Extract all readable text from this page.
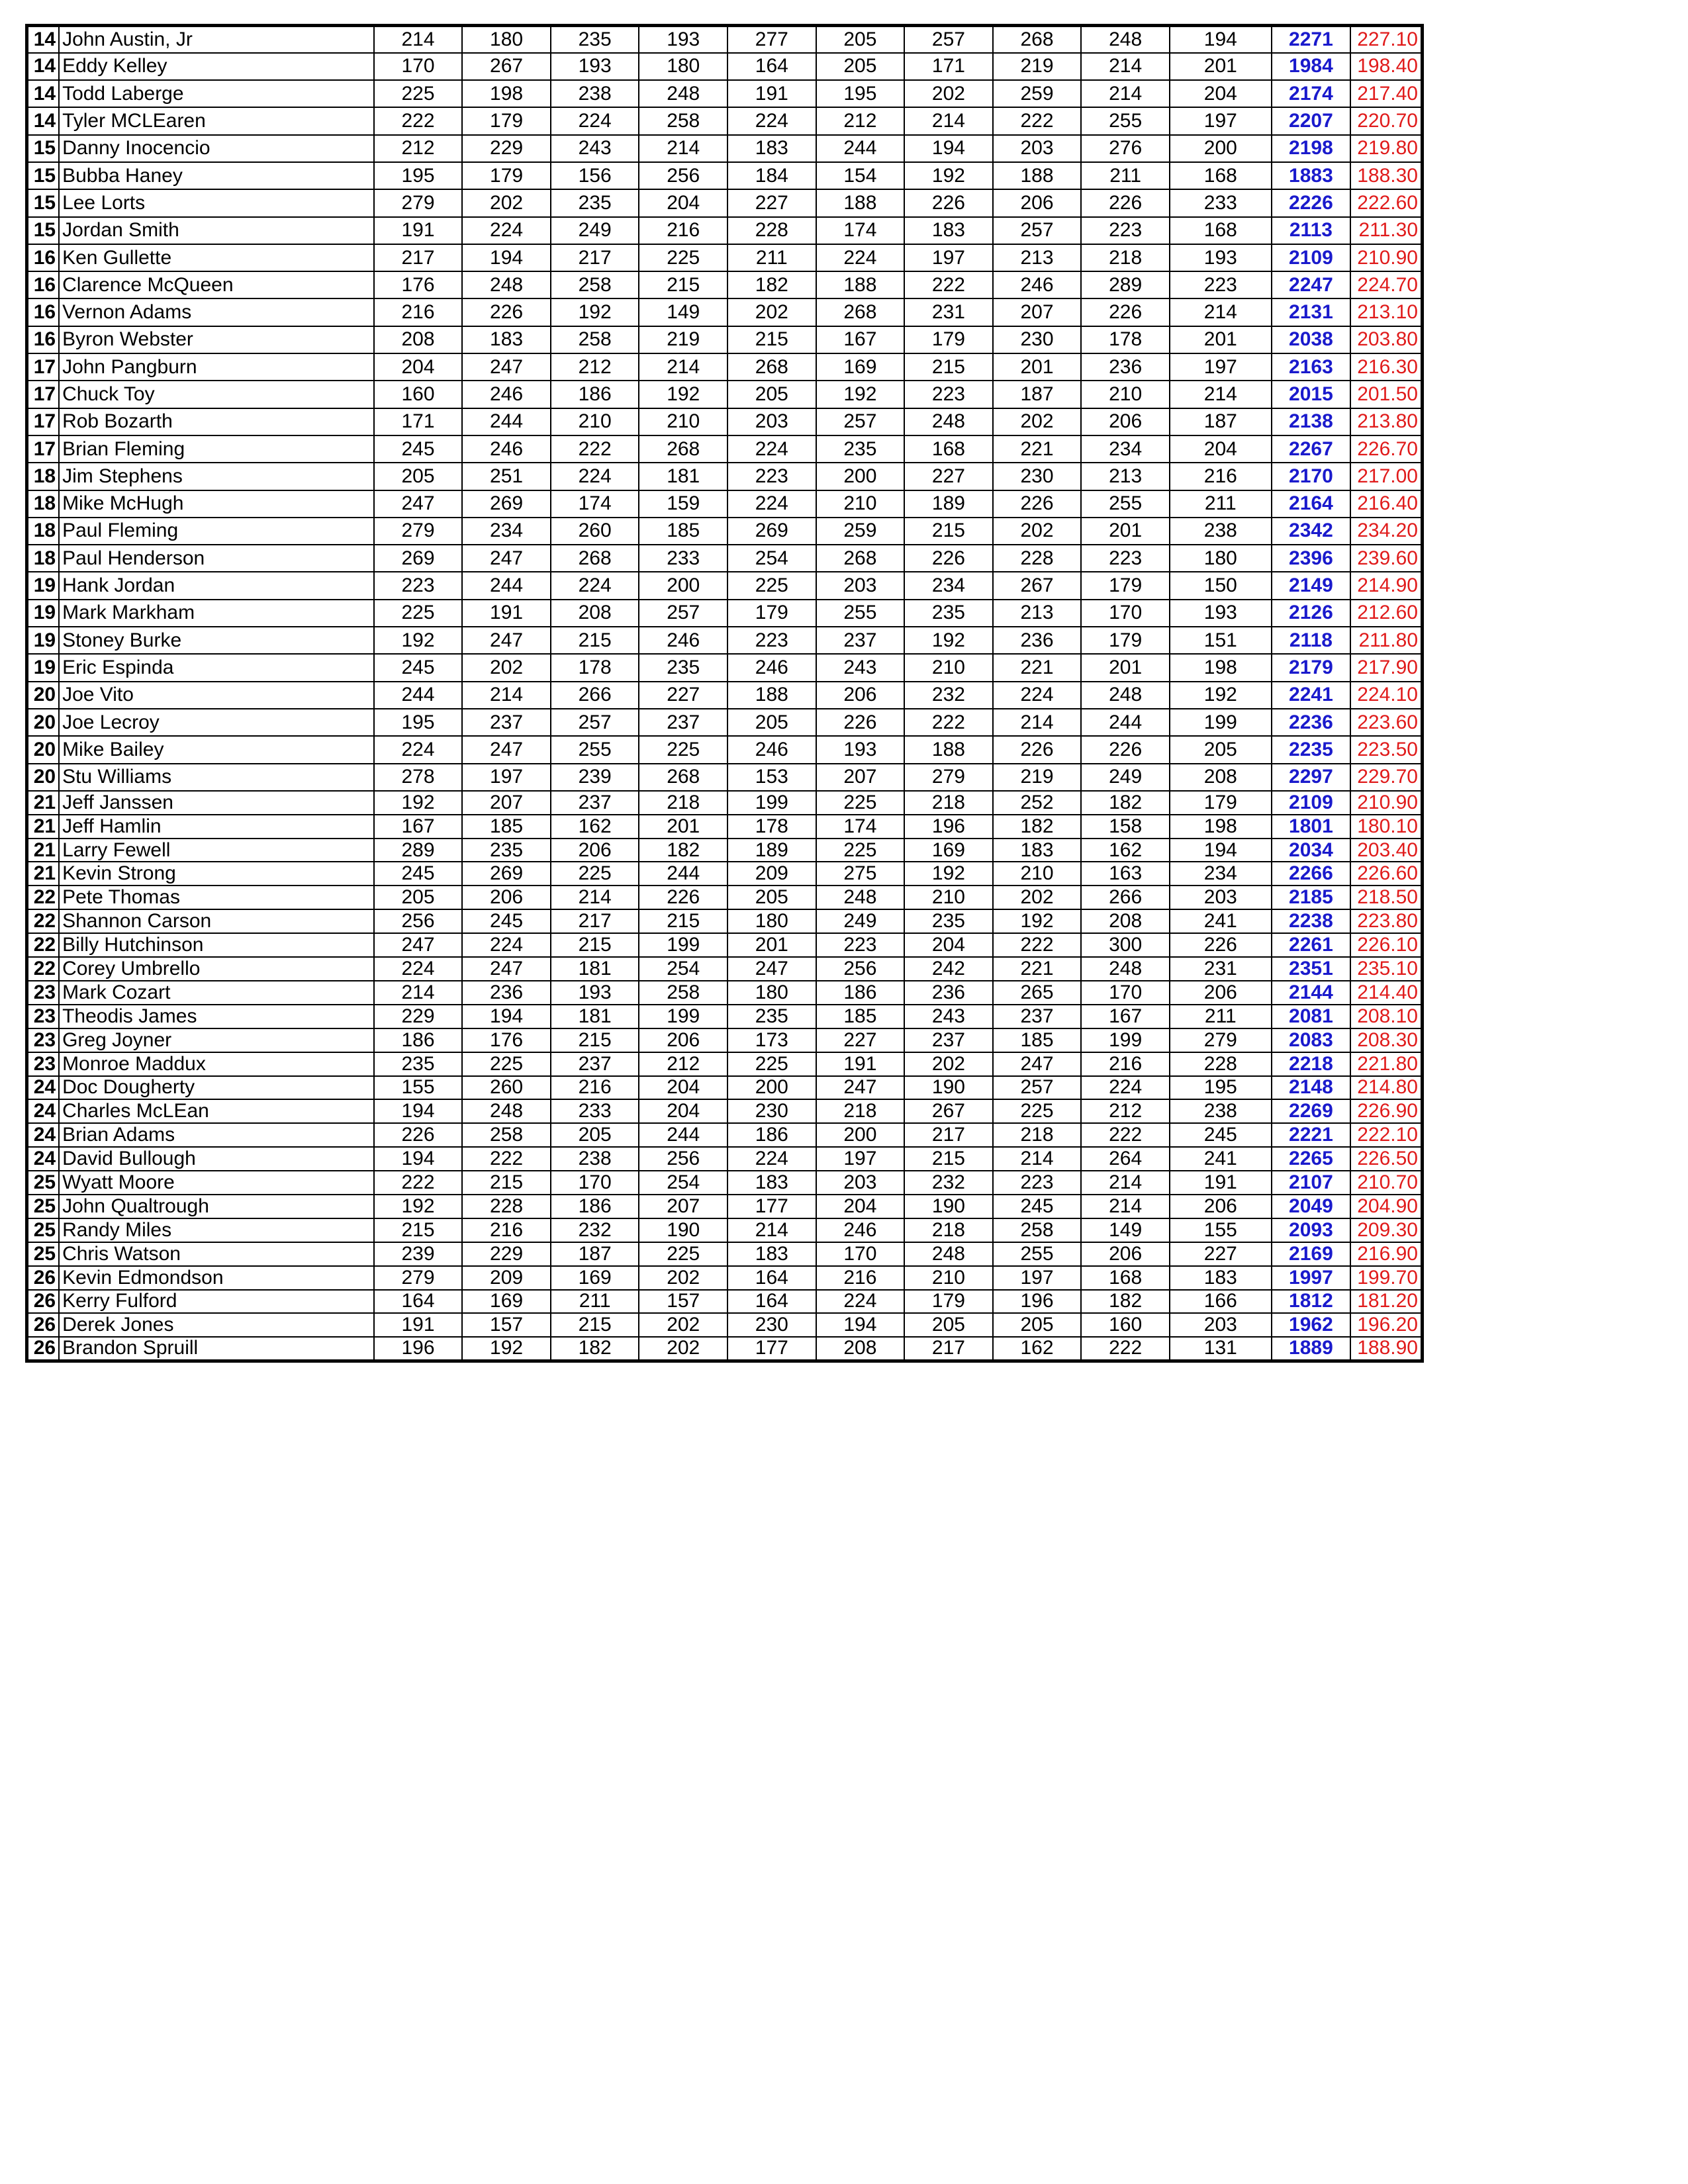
14	John Austin, Jr	214	180	235	193	277	205	257	268	248	194	2271	227.10
14	Eddy Kelley	170	267	193	180	164	205	171	219	214	201	1984	198.40
14	Todd Laberge	225	198	238	248	191	195	202	259	214	204	2174	217.40
14	Tyler MCLEaren	222	179	224	258	224	212	214	222	255	197	2207	220.70
15	Danny Inocencio	212	229	243	214	183	244	194	203	276	200	2198	219.80
15	Bubba Haney	195	179	156	256	184	154	192	188	211	168	1883	188.30
15	Lee Lorts	279	202	235	204	227	188	226	206	226	233	2226	222.60
15	Jordan Smith	191	224	249	216	228	174	183	257	223	168	2113	211.30
16	Ken Gullette	217	194	217	225	211	224	197	213	218	193	2109	210.90
16	Clarence McQueen	176	248	258	215	182	188	222	246	289	223	2247	224.70
16	Vernon Adams	216	226	192	149	202	268	231	207	226	214	2131	213.10
16	Byron Webster	208	183	258	219	215	167	179	230	178	201	2038	203.80
17	John Pangburn	204	247	212	214	268	169	215	201	236	197	2163	216.30
17	Chuck Toy	160	246	186	192	205	192	223	187	210	214	2015	201.50
17	Rob Bozarth	171	244	210	210	203	257	248	202	206	187	2138	213.80
17	Brian Fleming	245	246	222	268	224	235	168	221	234	204	2267	226.70
18	Jim Stephens	205	251	224	181	223	200	227	230	213	216	2170	217.00
18	Mike McHugh	247	269	174	159	224	210	189	226	255	211	2164	216.40
18	Paul Fleming	279	234	260	185	269	259	215	202	201	238	2342	234.20
18	Paul Henderson	269	247	268	233	254	268	226	228	223	180	2396	239.60
19	Hank Jordan	223	244	224	200	225	203	234	267	179	150	2149	214.90
19	Mark Markham	225	191	208	257	179	255	235	213	170	193	2126	212.60
19	Stoney Burke	192	247	215	246	223	237	192	236	179	151	2118	211.80
19	Eric Espinda	245	202	178	235	246	243	210	221	201	198	2179	217.90
20	Joe Vito	244	214	266	227	188	206	232	224	248	192	2241	224.10
20	Joe Lecroy	195	237	257	237	205	226	222	214	244	199	2236	223.60
20	Mike Bailey	224	247	255	225	246	193	188	226	226	205	2235	223.50
20	Stu Williams	278	197	239	268	153	207	279	219	249	208	2297	229.70
21	Jeff Janssen	192	207	237	218	199	225	218	252	182	179	2109	210.90
21	Jeff Hamlin	167	185	162	201	178	174	196	182	158	198	1801	180.10
21	Larry Fewell	289	235	206	182	189	225	169	183	162	194	2034	203.40
21	Kevin Strong	245	269	225	244	209	275	192	210	163	234	2266	226.60
22	Pete Thomas	205	206	214	226	205	248	210	202	266	203	2185	218.50
22	Shannon Carson	256	245	217	215	180	249	235	192	208	241	2238	223.80
22	Billy Hutchinson	247	224	215	199	201	223	204	222	300	226	2261	226.10
22	Corey Umbrello	224	247	181	254	247	256	242	221	248	231	2351	235.10
23	Mark Cozart	214	236	193	258	180	186	236	265	170	206	2144	214.40
23	Theodis James	229	194	181	199	235	185	243	237	167	211	2081	208.10
23	Greg Joyner	186	176	215	206	173	227	237	185	199	279	2083	208.30
23	Monroe Maddux	235	225	237	212	225	191	202	247	216	228	2218	221.80
24	Doc Dougherty	155	260	216	204	200	247	190	257	224	195	2148	214.80
24	Charles McLEan	194	248	233	204	230	218	267	225	212	238	2269	226.90
24	Brian Adams	226	258	205	244	186	200	217	218	222	245	2221	222.10
24	David Bullough	194	222	238	256	224	197	215	214	264	241	2265	226.50
25	Wyatt Moore	222	215	170	254	183	203	232	223	214	191	2107	210.70
25	John Qualtrough	192	228	186	207	177	204	190	245	214	206	2049	204.90
25	Randy Miles	215	216	232	190	214	246	218	258	149	155	2093	209.30
25	Chris Watson	239	229	187	225	183	170	248	255	206	227	2169	216.90
26	Kevin Edmondson	279	209	169	202	164	216	210	197	168	183	1997	199.70
26	Kerry Fulford	164	169	211	157	164	224	179	196	182	166	1812	181.20
26	Derek Jones	191	157	215	202	230	194	205	205	160	203	1962	196.20
26	Brandon Spruill	196	192	182	202	177	208	217	162	222	131	1889	188.90
